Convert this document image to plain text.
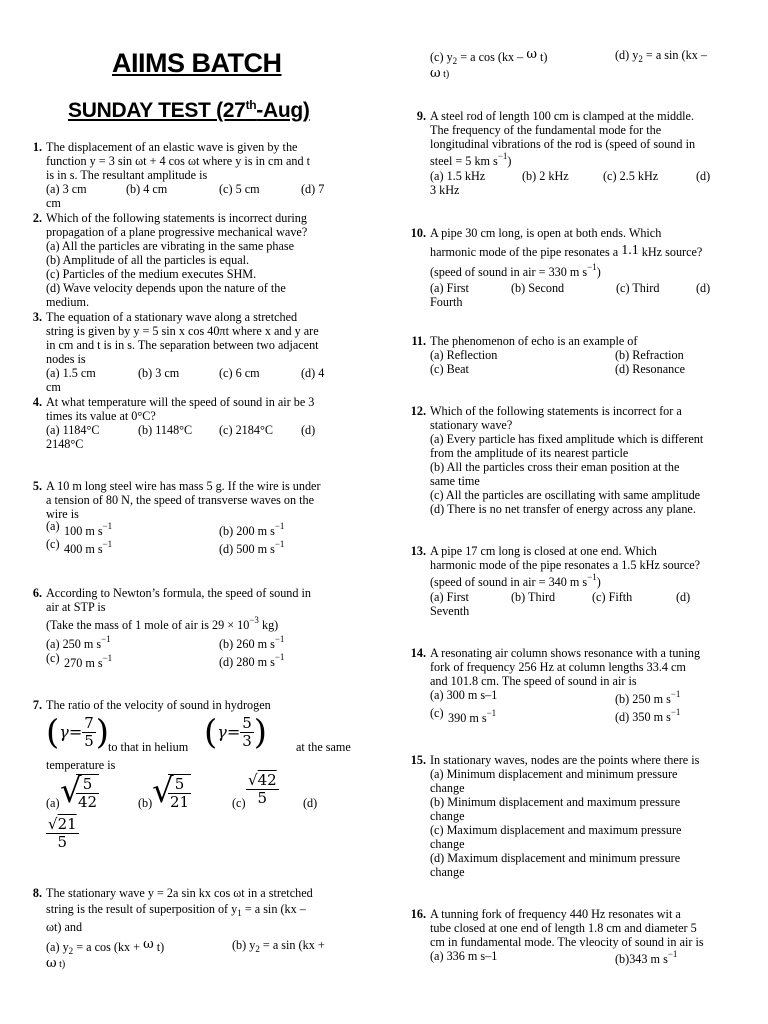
AIIMS BATCH
SUNDAY TEST (27th-Aug)
1. The displacement of an elastic wave is given by the
function y = 3 sin ωt + 4 cos ωt where y is in cm and t
is in s. The resultant amplitude is
(a) 3 cm	(b) 4 cm	(c) 5 cm	(d) 7
cm
2. Which of the following statements is incorrect during
propagation of a plane progressive mechanical wave?
(a) All the particles are vibrating in the same phase
(b) Amplitude of all the particles is equal.
(c) Particles of the medium executes SHM.
(d) Wave velocity depends upon the nature of the
medium.
3. The equation of a stationary wave along a stretched
string is given by y = 5 sin x cos 40πt where x and y are
in cm and t is in s. The separation between two adjacent
nodes is
(a) 1.5 cm	(b) 3 cm	(c) 6 cm	(d) 4
cm
4. At what temperature will the speed of sound in air be 3
times its value at 0°C?
(a) 1184°C	(b) 1148°C (c) 2184°C (d)
2148°C
5. A 10 m long steel wire has mass 5 g. If the wire is under
a tension of 80 N, the speed of transverse waves on the
wire is
(a) 100 m $s^{-1}$	(b) 200 m $s^{-1}$
(c) 400 m $s^{-1}$	(d) 500 m $s^{-1}$
6. According to Newton’s formula, the speed of sound in
air at STP is
(Take the mass of 1 mole of air is $29 \times 10^{-3}$ kg)
(a) 250 m $s^{-1}$	(b) 260 m $s^{-1}$
(c) 270 m $s^{-1}$	(d) 280 m $s^{-1}$
7. The ratio of the velocity of sound in hydrogen
($\gamma= \frac{7}{5}$ )
to that in helium ($\gamma= \frac{5}{3}$ ) at the same
temperature is
(a) √
$\frac{5}{42}$	(b) √
$\frac{5}{21}$	$(c) \frac{√42}{5} (d)$
$\frac{√21}{5}$
8. The stationary wave y = 2a sin kx cos ωt in a stretched
string is the result of superposition of $y_1 = a$ sin (kx –
ωt) and
(a) $y_2 = a$ cos (kx + ω t)	(b) $y_2 = a$ sin (kx +
ω t)
(c) $y_2 = a$ cos (kx – ω t)	(d) $y_2 = a$ sin (kx –
ω t)
9. A steel rod of length 100 cm is clamped at the middle.
The frequency of the fundamental mode for the
longitudinal vibrations of the rod is (speed of sound in
steel = 5 km $s^{-1}$)
(a) 1.5 kHz	(b) 2 kHz	(c) 2.5 kHz	(d)
3 kHz
10. A pipe 30 cm long, is open at both ends. Which
harmonic mode of the pipe resonates a 1.1 kHz source?
(speed of sound in air = 330 m $s^{-1}$)
(a) First	(b) Second	(c) Third	(d)
Fourth
11. The phenomenon of echo is an example of
(a) Reflection	(b) Refraction
(c) Beat	(d) Resonance
12. Which of the following statements is incorrect for a
stationary wave?
(a) Every particle has fixed amplitude which is different
from the amplitude of its nearest particle
(b) All the particles cross their eman position at the
same time
(c) All the particles are oscillating with same amplitude
(d) There is no net transfer of energy across any plane.
13. A pipe 17 cm long is closed at one end. Which
harmonic mode of the pipe resonates a 1.5 kHz source?
(speed of sound in air = 340 m $s^{-1}$)
(a) First	(b) Third	(c) Fifth	(d)
Seventh
14. A resonating air column shows resonance with a tuning
fork of frequency 256 Hz at column lengths 33.4 cm
and 101.8 cm. The speed of sound in air is
(a) 300 m s–1	(b) 250 m $s^{-1}$
(c) 390 m $s^{-1}$	(d) 350 m $s^{-1}$
15. In stationary waves, nodes are the points where there is
(a) Minimum displacement and minimum pressure
change
(b) Minimum displacement and maximum pressure
change
(c) Maximum displacement and maximum pressure
change
(d) Maximum displacement and minimum pressure
change
16. A tunning fork of frequency 440 Hz resonates wit a
tube closed at one end of length 1.8 cm and diameter 5
cm in fundamental mode. The vleocity of sound in air is
(a) 336 m s–1	(b)343 m $s^{-1}$
